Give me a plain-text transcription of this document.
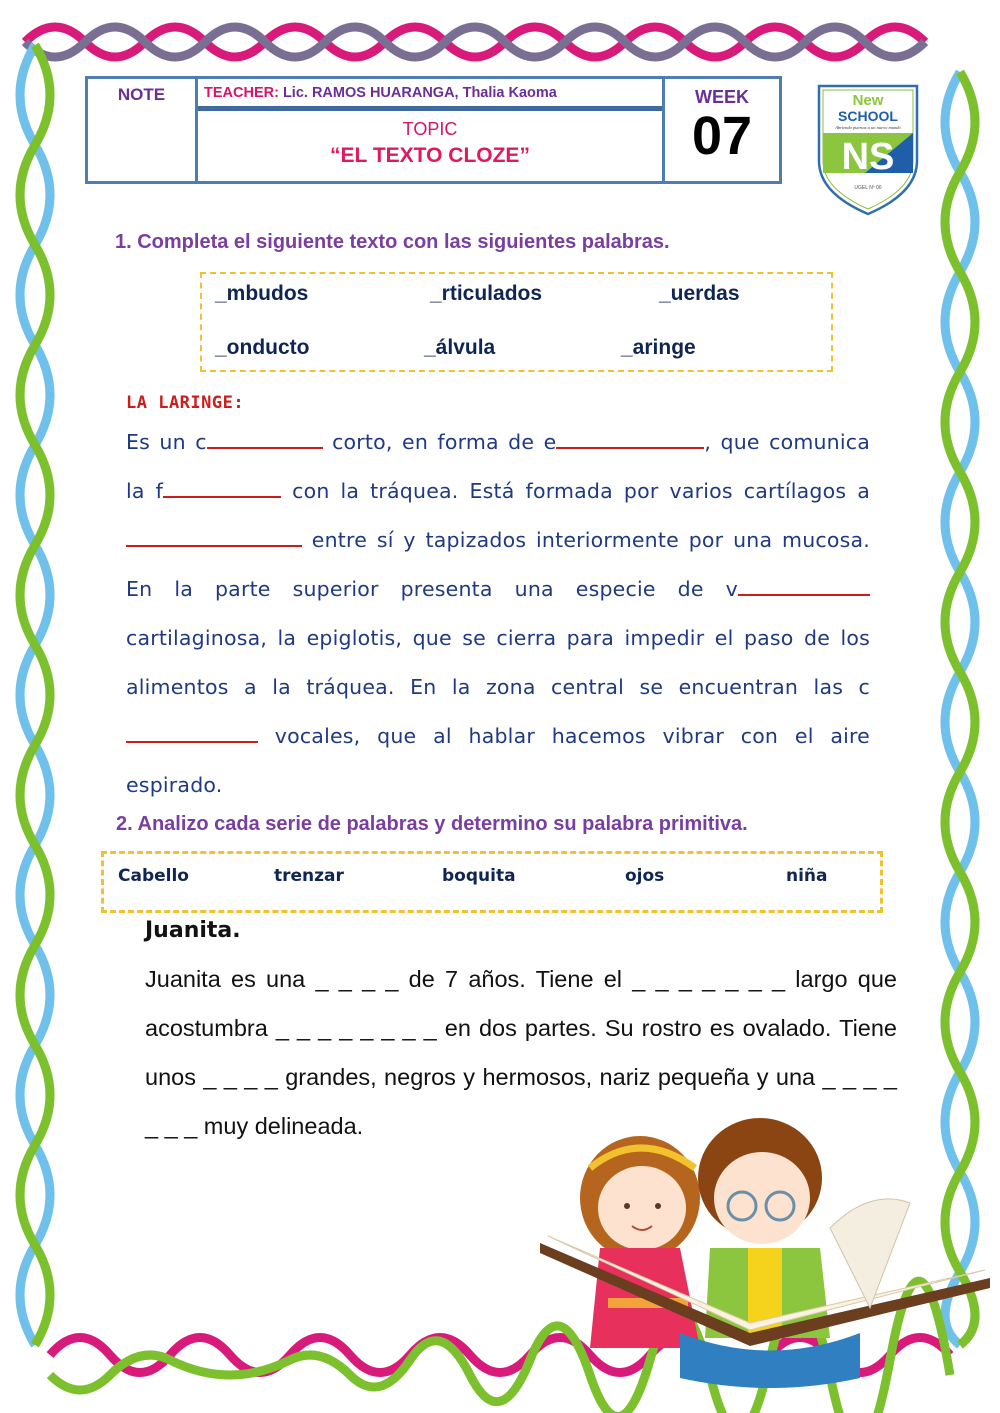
NOTE	TEACHER: Lic. RAMOS HUARANGA, Thalia Kaoma
TOPIC
“EL TEXTO CLOZE”
WEEK
07
New
SCHOOL
Abriendo puertas a un nuevo mundo
NS
UGEL Nº 06
1. Completa el siguiente texto con las siguientes palabras.
_mbudos	_rticulados	_uerdas
_onducto	_álvula	_aringe
LA LARINGE:

Es un c	corto, en forma de e	, que comunica la f	con la tráquea. Está formada por varios cartílagos a entre sí y tapizados interiormente por una mucosa. En la parte superior presenta una especie de v cartilaginosa, la epiglotis, que se cierra para impedir el paso de los alimentos a la tráquea. En la zona central se encuentran las c vocales, que al hablar hacemos vibrar con el aire espirado.

2. Analizo cada serie de palabras y determino su palabra primitiva.
Cabello	trenzar	boquita	ojos	niña
Juanita.

Juanita es una _ _ _ _ de 7 años. Tiene el _ _ _ _ _ _ _ largo que acostumbra _ _ _ _ _ _ _ _ en dos partes. Su rostro es ovalado. Tiene unos _ _ _ _ grandes, negros y hermosos, nariz pequeña y una _ _ _ _ _ _ _ muy delineada.
